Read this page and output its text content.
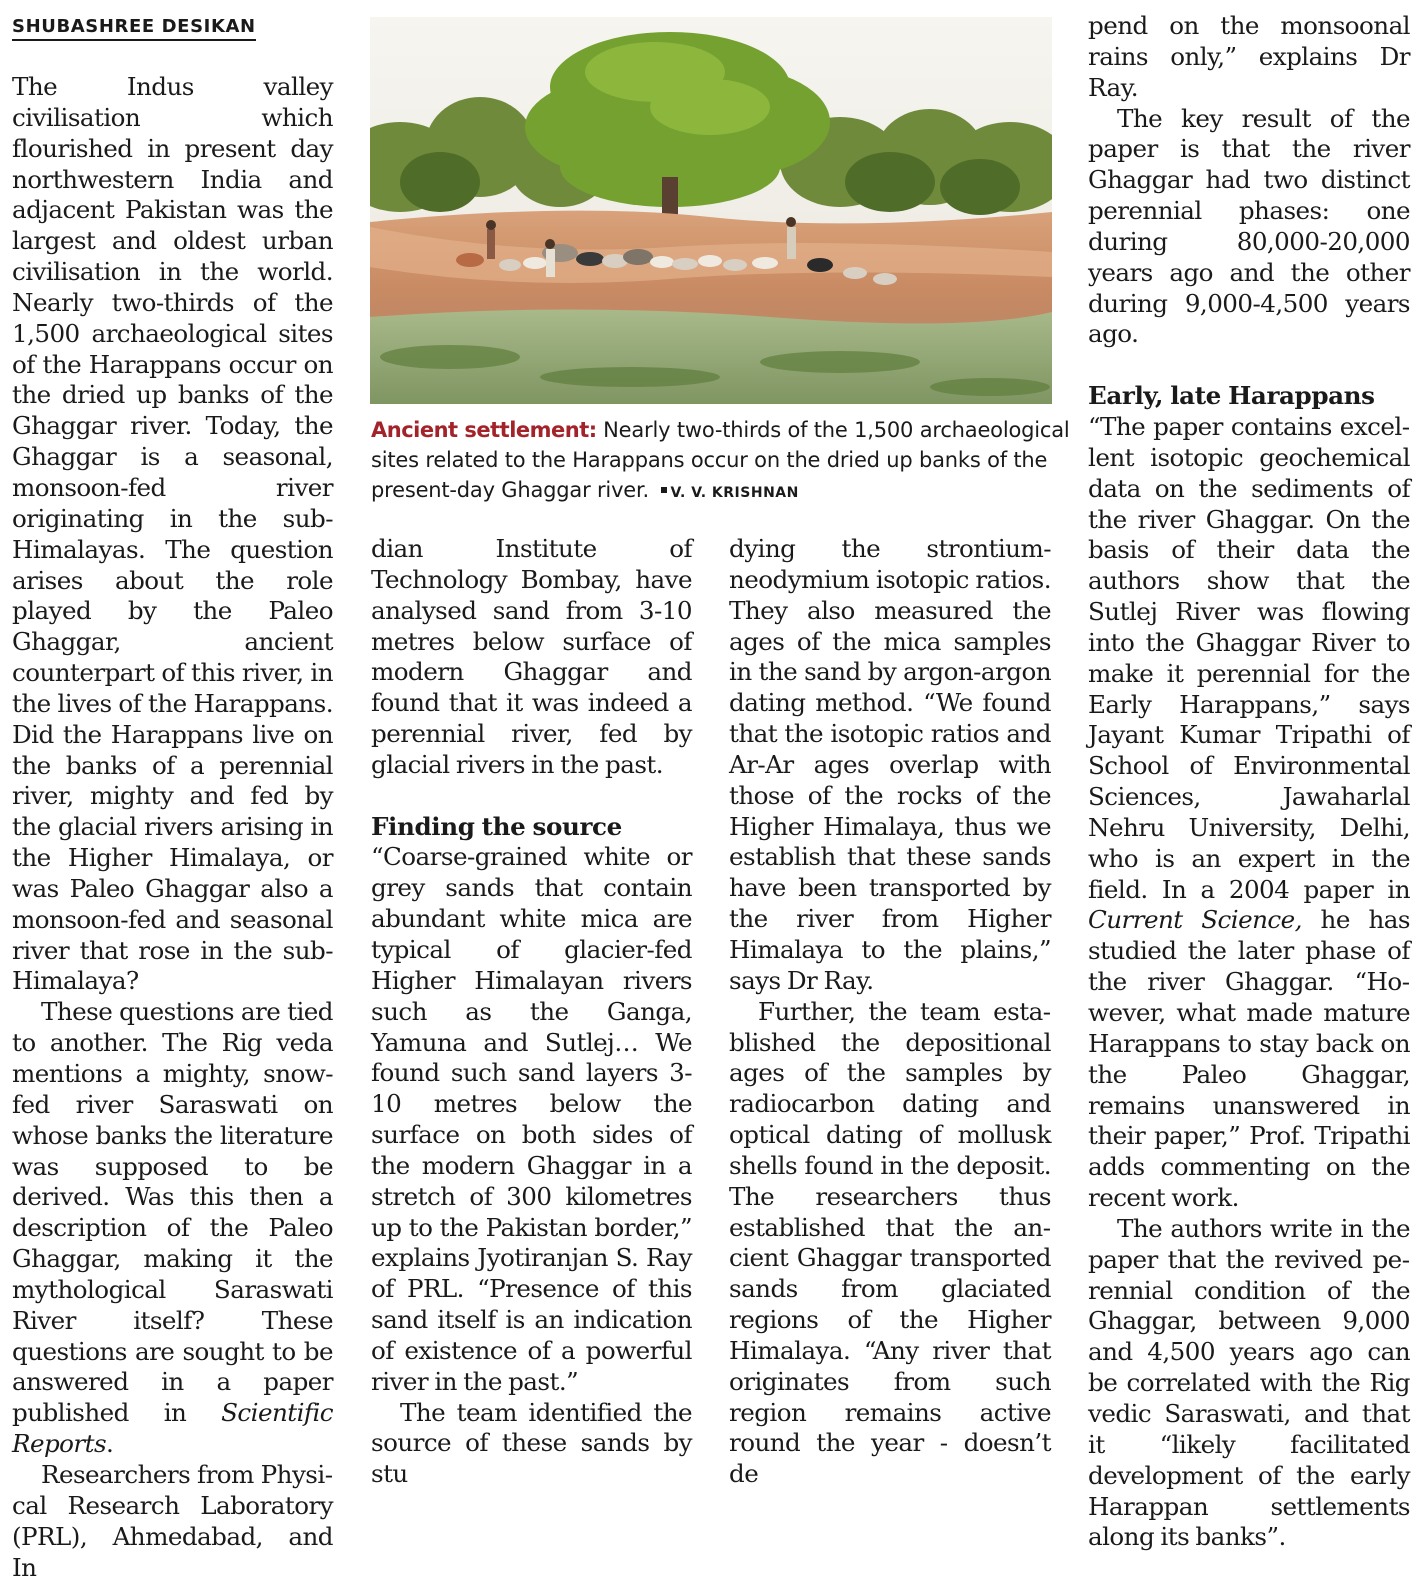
SHUBASHREE DESIKAN

The Indus valley civilisation which flourished in present day northwestern India and adjacent Pakistan was the largest and oldest urban civilisation in the world. Nearly two-thirds of the 1,500 archaeological sites of the Harappans occur on the dried up banks of the Ghaggar river. Today, the Ghaggar is a seasonal, monsoon-fed river originating in the sub-Himalayas. The question arises about the role played by the Paleo Ghaggar, ancient counterpart of this river, in the lives of the Harappans. Did the Harappans live on the banks of a perennial river, mighty and fed by the glacial rivers arising in the Higher Himalaya, or was Paleo Ghaggar also a monsoon-fed and seasonal river that rose in the sub-Himalaya?

These questions are tied to another. The Rig veda mentions a mighty, snow-fed river Saraswati on whose banks the literature was supposed to be derived. Was this then a description of the Paleo Ghaggar, making it the mythological Saraswati River itself? These questions are sought to be answered in a paper published in Scientific Reports.

Researchers from Physical Research Laboratory (PRL), Ahmedabad, and In

Ancient settlement: Nearly two-thirds of the 1,500 archaeological sites related to the Harappans occur on the dried up banks of the present-day Ghaggar river. V. V. KRISHNAN

dian Institute of Technology Bombay, have analysed sand from 3-10 metres below surface of modern Ghaggar and found that it was indeed a perennial river, fed by glacial rivers in the past.

Finding the source

“Coarse-grained white or grey sands that contain abundant white mica are typical of glacier-fed Higher Himalayan rivers such as the Ganga, Yamuna and Sutlej… We found such sand layers 3-10 metres below the surface on both sides of the modern Ghaggar in a stretch of 300 kilometres up to the Pakistan border,” explains Jyotiranjan S. Ray of PRL. “Presence of this sand itself is an indication of existence of a powerful river in the past.”

The team identified the source of these sands by stu

dying the strontium-neodymium isotopic ratios. They also measured the ages of the mica samples in the sand by argon-argon dating method. “We found that the isotopic ratios and Ar-Ar ages overlap with those of the rocks of the Higher Himalaya, thus we establish that these sands have been transported by the river from Higher Himalaya to the plains,” says Dr Ray.

Further, the team established the depositional ages of the samples by radiocarbon dating and optical dating of mollusk shells found in the deposit. The researchers thus established that the ancient Ghaggar transported sands from glaciated regions of the Higher Himalaya. “Any river that originates from such region remains active round the year - doesn’t de

pend on the monsoonal rains only,” explains Dr Ray.

The key result of the paper is that the river Ghaggar had two distinct perennial phases: one during 80,000-20,000 years ago and the other during 9,000-4,500 years ago.

Early, late Harappans

“The paper contains excellent isotopic geochemical data on the sediments of the river Ghaggar. On the basis of their data the authors show that the Sutlej River was flowing into the Ghaggar River to make it perennial for the Early Harappans,” says Jayant Kumar Tripathi of School of Environmental Sciences, Jawaharlal Nehru University, Delhi, who is an expert in the field. In a 2004 paper in Current Science, he has studied the later phase of the river Ghaggar. “However, what made mature Harappans to stay back on the Paleo Ghaggar, remains unanswered in their paper,” Prof. Tripathi adds commenting on the recent work.

The authors write in the paper that the revived perennial condition of the Ghaggar, between 9,000 and 4,500 years ago can be correlated with the Rig vedic Saraswati, and that it “likely facilitated development of the early Harappan settlements along its banks”.
